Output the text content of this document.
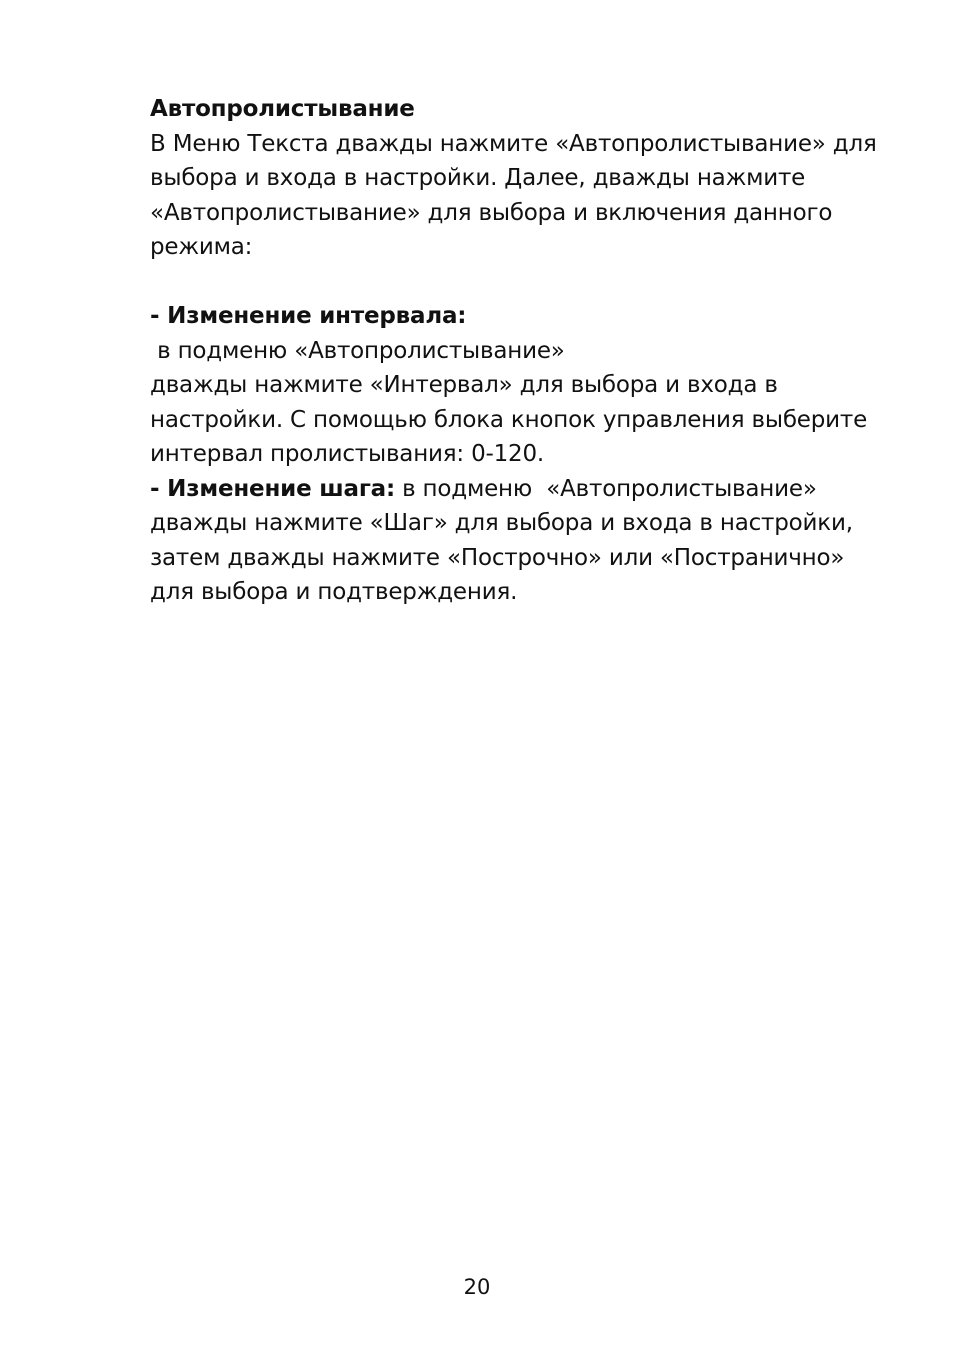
Автопролистывание
В Меню Текста дважды нажмите «Автопролистывание» для
выбора и входа в настройки. Далее, дважды нажмите
«Автопролистывание» для выбора и включения данного
режима:
- Изменение интервала: в подменю «Автопролистывание»
дважды нажмите «Интервал» для выбора и входа в
настройки. С помощью блока кнопок управления выберите
интервал пролистывания: 0-120.
- Изменение шага: в подменю  «Автопролистывание»
дважды нажмите «Шаг» для выбора и входа в настройки,
затем дважды нажмите «Построчно» или «Постранично»
для выбора и подтверждения.
20
